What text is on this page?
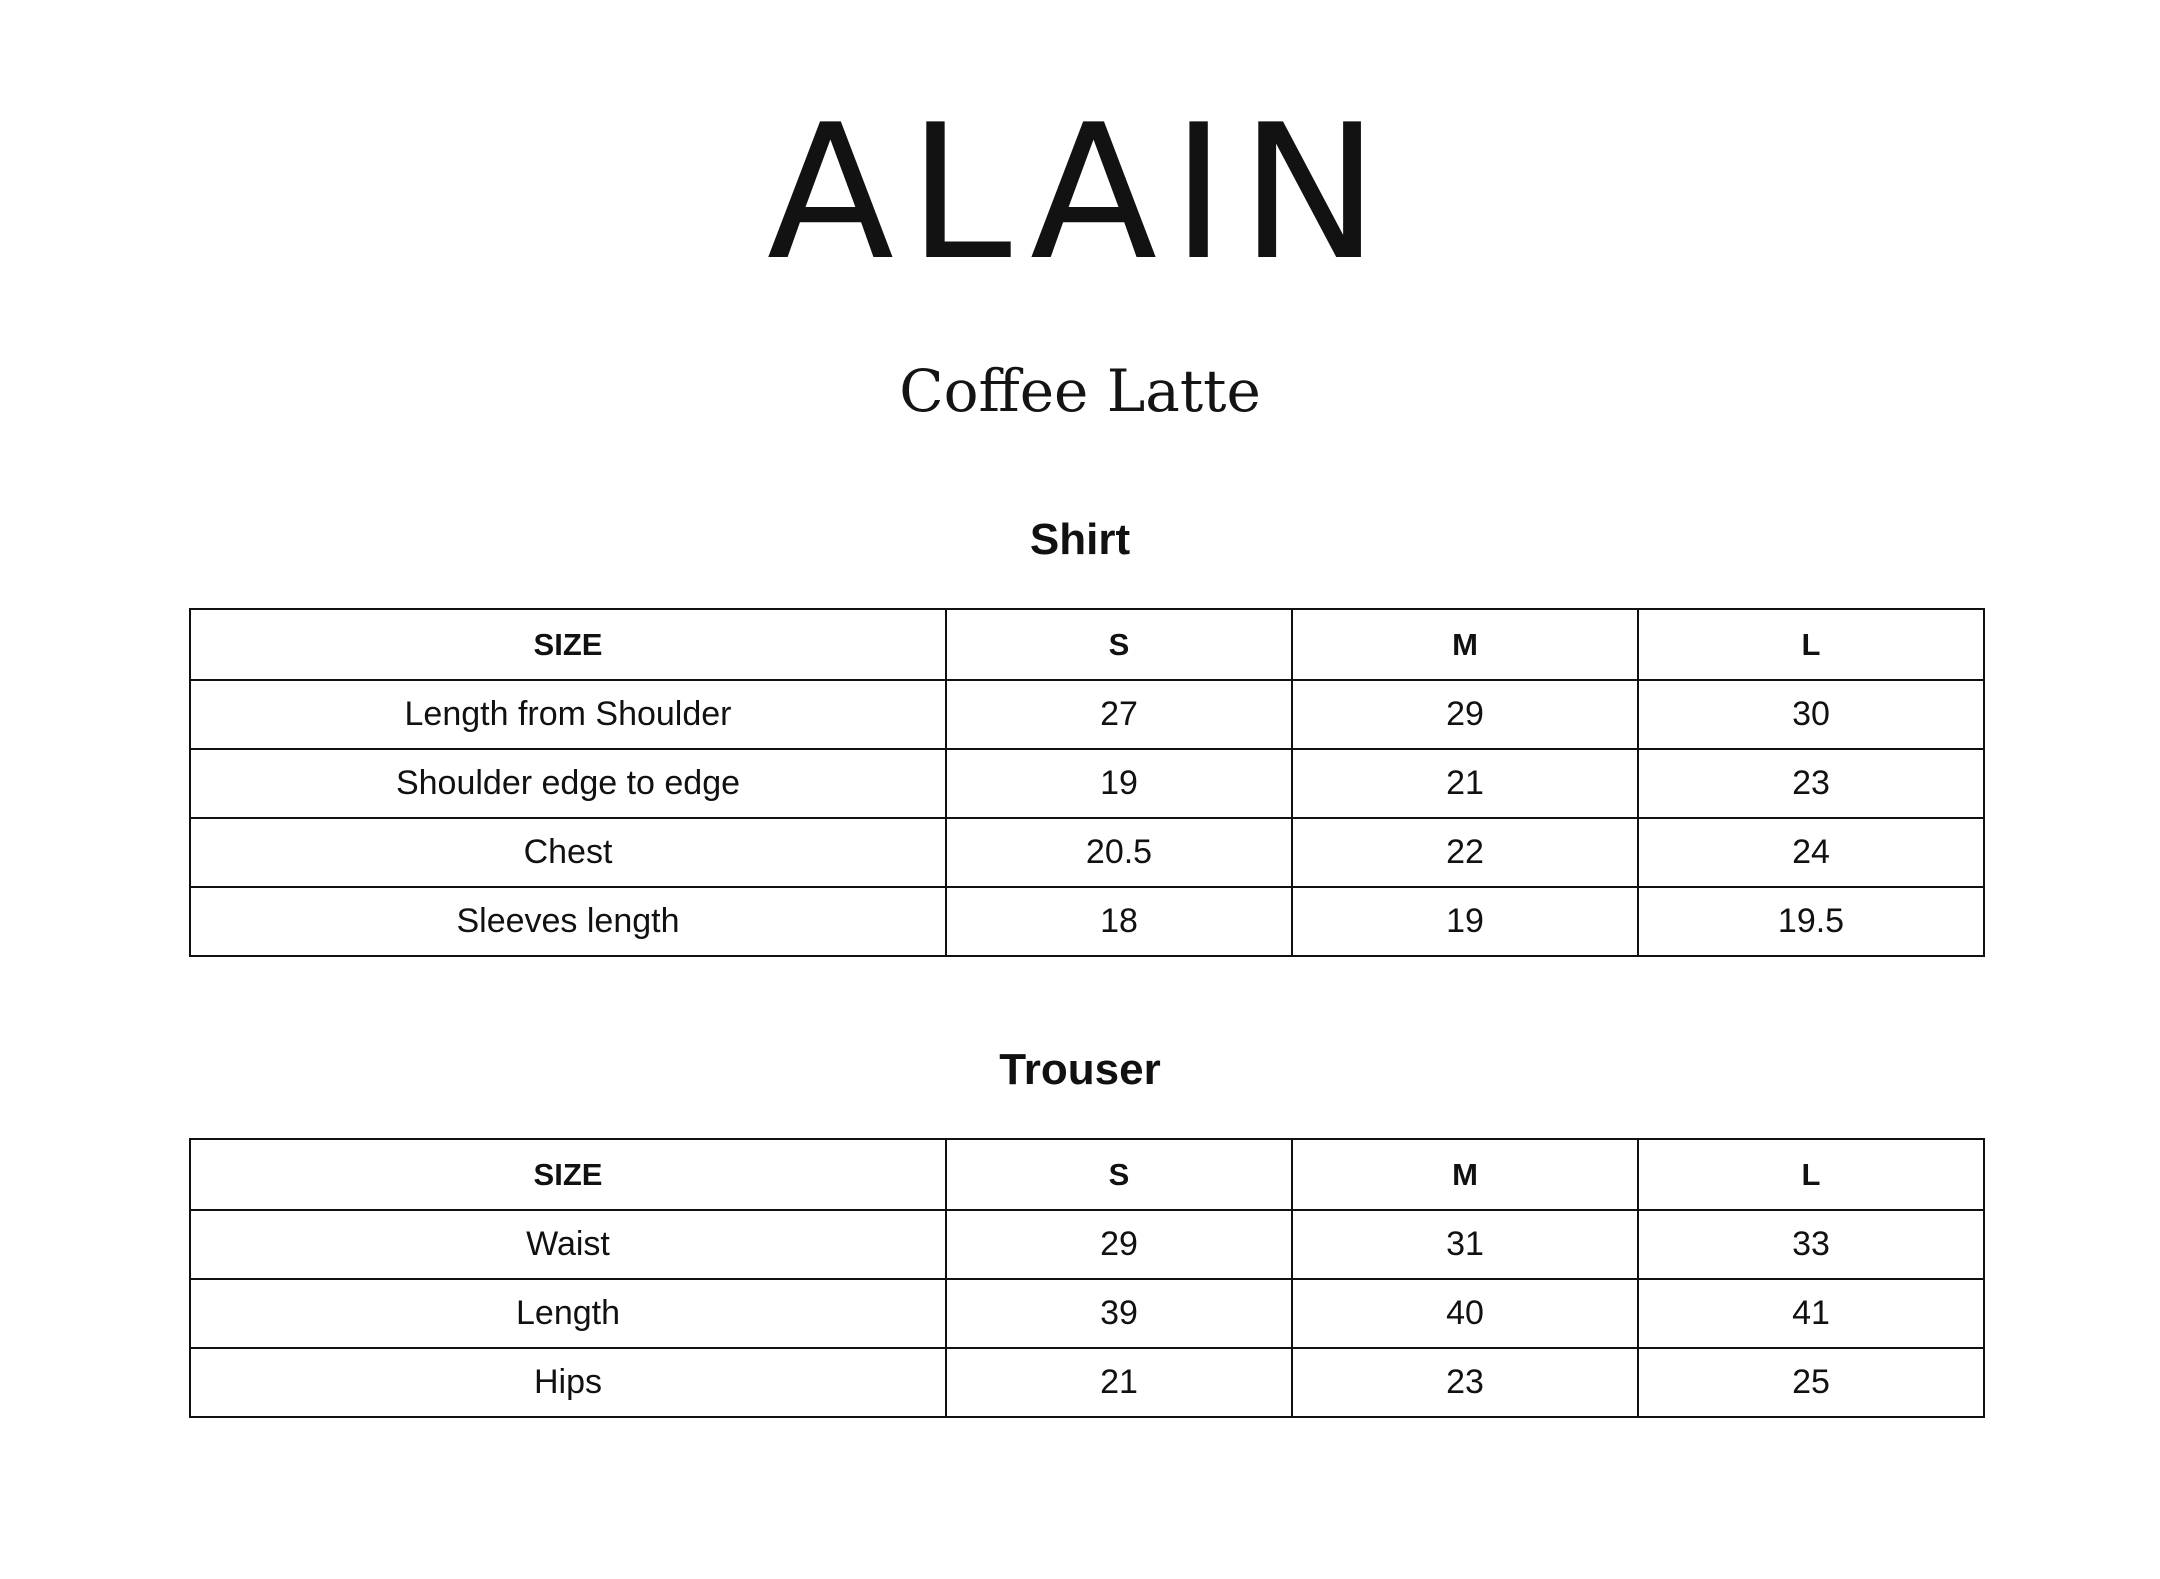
ALAIN
Coffee Latte
Shirt
SIZE	S	M	L
Length from Shoulder	27	29	30
Shoulder edge to edge	19	21	23
Chest	20.5	22	24
Sleeves length	18	19	19.5
Trouser
SIZE	S	M	L
Waist	29	31	33
Length	39	40	41
Hips	21	23	25
